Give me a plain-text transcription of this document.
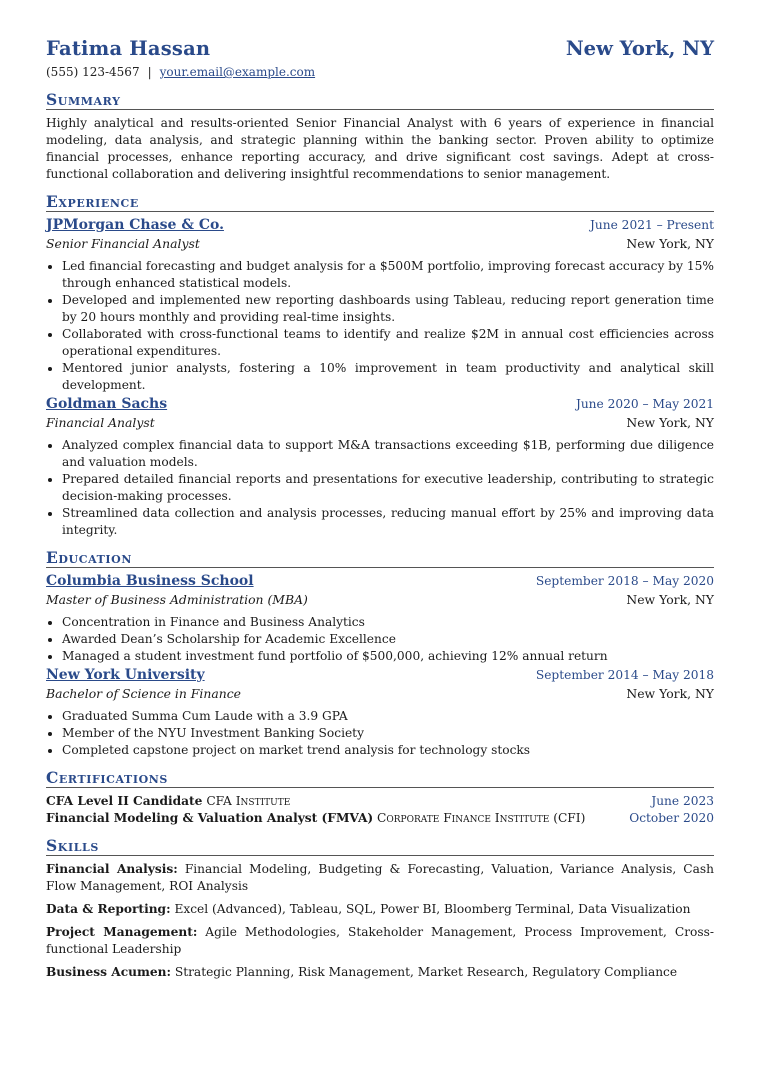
Fatima Hassan	New York, NY
(555) 123-4567 | your.email@example.com
Summary
Highly analytical and results-oriented Senior Financial Analyst with 6 years of experience in financial modeling, data analysis, and strategic planning within the banking sector. Proven ability to optimize financial processes, enhance reporting accuracy, and drive significant cost savings. Adept at cross-functional collaboration and delivering insightful recommendations to senior management.
Experience
JPMorgan Chase & Co.	June 2021 – Present
Senior Financial Analyst	New York, NY
• Led financial forecasting and budget analysis for a $500M portfolio, improving forecast accuracy by 15% through enhanced statistical models.
• Developed and implemented new reporting dashboards using Tableau, reducing report generation time by 20 hours monthly and providing real-time insights.
• Collaborated with cross-functional teams to identify and realize $2M in annual cost efficiencies across operational expenditures.
• Mentored junior analysts, fostering a 10% improvement in team productivity and analytical skill development.
Goldman Sachs	June 2020 – May 2021
Financial Analyst	New York, NY
• Analyzed complex financial data to support M&A transactions exceeding $1B, performing due diligence and valuation models.
• Prepared detailed financial reports and presentations for executive leadership, contributing to strategic decision-making processes.
• Streamlined data collection and analysis processes, reducing manual effort by 25% and improving data integrity.
Education
Columbia Business School	September 2018 – May 2020
Master of Business Administration (MBA)	New York, NY
• Concentration in Finance and Business Analytics
• Awarded Dean’s Scholarship for Academic Excellence
• Managed a student investment fund portfolio of $500,000, achieving 12% annual return
New York University	September 2014 – May 2018
Bachelor of Science in Finance	New York, NY
• Graduated Summa Cum Laude with a 3.9 GPA
• Member of the NYU Investment Banking Society
• Completed capstone project on market trend analysis for technology stocks
Certifications
CFA Level II Candidate CFA Institute	June 2023
Financial Modeling & Valuation Analyst (FMVA) Corporate Finance Institute (CFI)	October 2020
Skills
Financial Analysis: Financial Modeling, Budgeting & Forecasting, Valuation, Variance Analysis, Cash Flow Management, ROI Analysis
Data & Reporting: Excel (Advanced), Tableau, SQL, Power BI, Bloomberg Terminal, Data Visualization
Project Management: Agile Methodologies, Stakeholder Management, Process Improvement, Cross-functional Leadership
Business Acumen: Strategic Planning, Risk Management, Market Research, Regulatory Compliance
